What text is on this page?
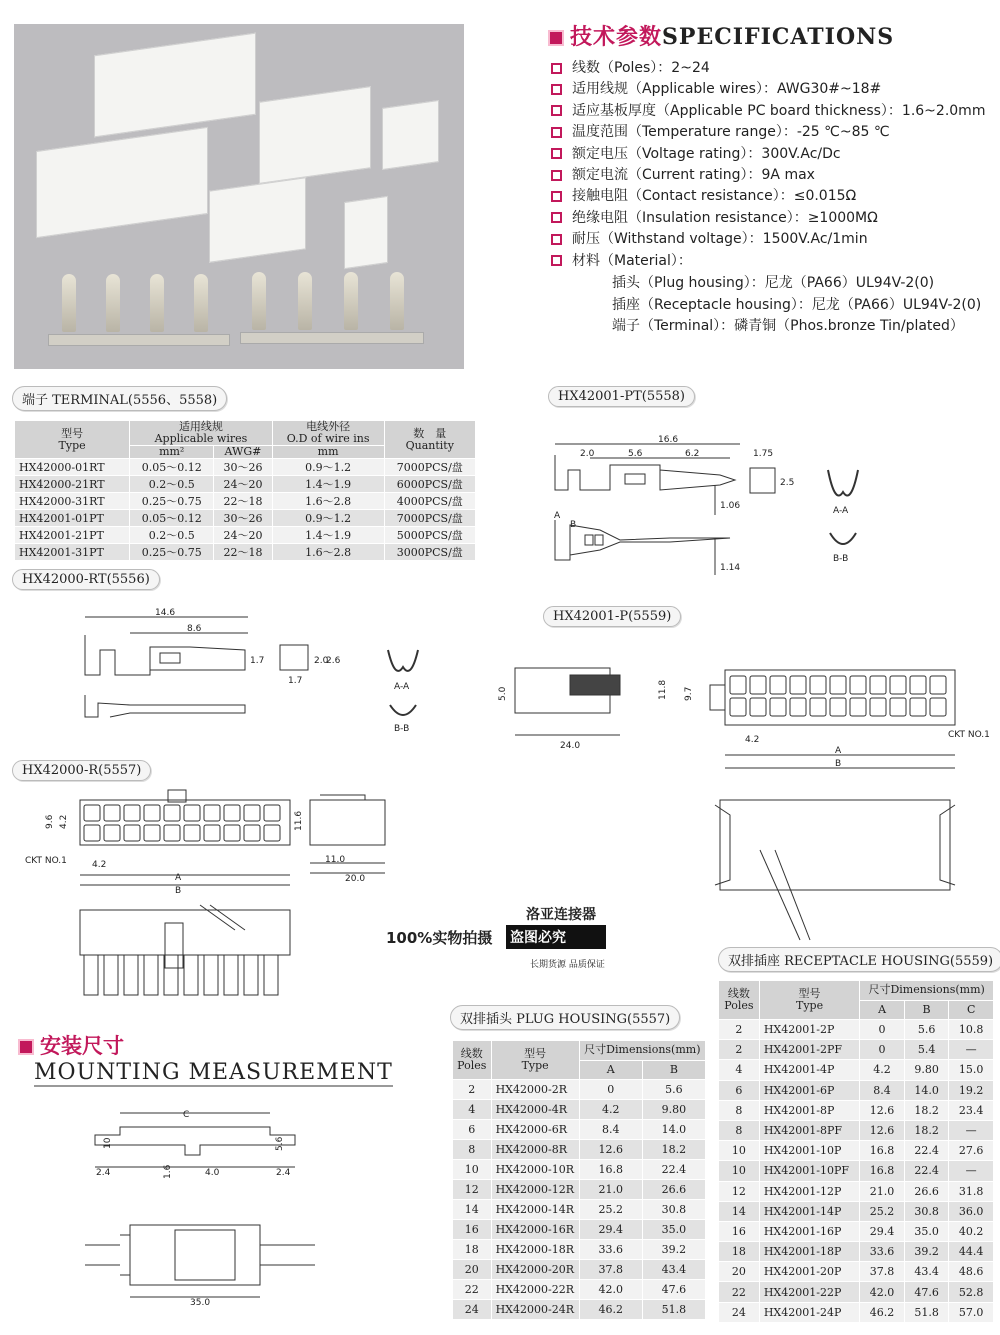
技术参数SPECIFICATIONS
线数（Poles）：2~24
适用线规（Applicable wires）：AWG30#~18#
适应基板厚度（Applicable PC board thickness）：1.6~2.0mm
温度范围（Temperature range）：-25 ℃~85 ℃
额定电压（Voltage rating）：300V.Ac/Dc
额定电流（Current rating）：9A max
接触电阻（Contact resistance）：≤0.015Ω
绝缘电阻（Insulation resistance）：≥1000MΩ
耐压（Withstand voltage）：1500V.Ac/1min
材料（Material）：
插头（Plug housing）：尼龙（PA66）UL94V-2(0)
插座（Receptacle housing）：尼龙（PA66）UL94V-2(0)
端子（Terminal）：磷青铜（Phos.bronze Tin/plated）
端子 TERMINAL(5556、5558)	HX42001-PT(5558)
HX42000-RT(5556)
HX42001-P(5559)
HX42000-R(5557)
双排插头 PLUG HOUSING(5557)
双排插座 RECEPTACLE HOUSING(5559)
型号
Type	适用线规
Applicable wires		电线外径
O.D of wire ins	数　量
Quantity
	mm²	AWG#	mm	
HX42000-01RT	0.05～0.12	30～26	0.9～1.2	7000PCS/盘
HX42000-21RT	0.2～0.5	24～20	1.4～1.9	6000PCS/盘
HX42000-31RT	0.25～0.75	22～18	1.6～2.8	4000PCS/盘
HX42001-01PT	0.05～0.12	30～26	0.9～1.2	7000PCS/盘
HX42001-21PT	0.2～0.5	24～20	1.4～1.9	5000PCS/盘
HX42001-31PT	0.25～0.75	22～18	1.6～2.8	3000PCS/盘
16.6
2.0	5.6	6.2	1.75
2.5
1.06
1.14
A-A
B-B
A
B
14.6
8.6
1.7
1.7
2.0
2.6
A-A
B-B
5.0
24.0
11.8 9.7
4.2
A
B
CKT NO.1
9.6 4.2
CKT NO.1	4.2
A
B
11.6
11.0
20.0
洛亚连接器
100%实物拍摄 盗图必究
长期货源 品质保证
安装尺寸
MOUNTING MEASUREMENT
C
10	5.6
2.4	1.6	4.0	2.4
35.0
线数
Poles	型号
Type	尺寸Dimensions(mm)	
		A	B
2	HX42000-2R	0	5.6
4	HX42000-4R	4.2	9.80
6	HX42000-6R	8.4	14.0
8	HX42000-8R	12.6	18.2
10	HX42000-10R	16.8	22.4
12	HX42000-12R	21.0	26.6
14	HX42000-14R	25.2	30.8
16	HX42000-16R	29.4	35.0
18	HX42000-18R	33.6	39.2
20	HX42000-20R	37.8	43.4
22	HX42000-22R	42.0	47.6
24	HX42000-24R	46.2	51.8
线数
Poles	型号
Type	尺寸Dimensions(mm)		
		A	B	C
2	HX42001-2P	0	5.6	10.8
2	HX42001-2PF	0	5.4	—
4	HX42001-4P	4.2	9.80	15.0
6	HX42001-6P	8.4	14.0	19.2
8	HX42001-8P	12.6	18.2	23.4
8	HX42001-8PF	12.6	18.2	—
10	HX42001-10P	16.8	22.4	27.6
10	HX42001-10PF	16.8	22.4	—
12	HX42001-12P	21.0	26.6	31.8
14	HX42001-14P	25.2	30.8	36.0
16	HX42001-16P	29.4	35.0	40.2
18	HX42001-18P	33.6	39.2	44.4
20	HX42001-20P	37.8	43.4	48.6
22	HX42001-22P	42.0	47.6	52.8
24	HX42001-24P	46.2	51.8	57.0
